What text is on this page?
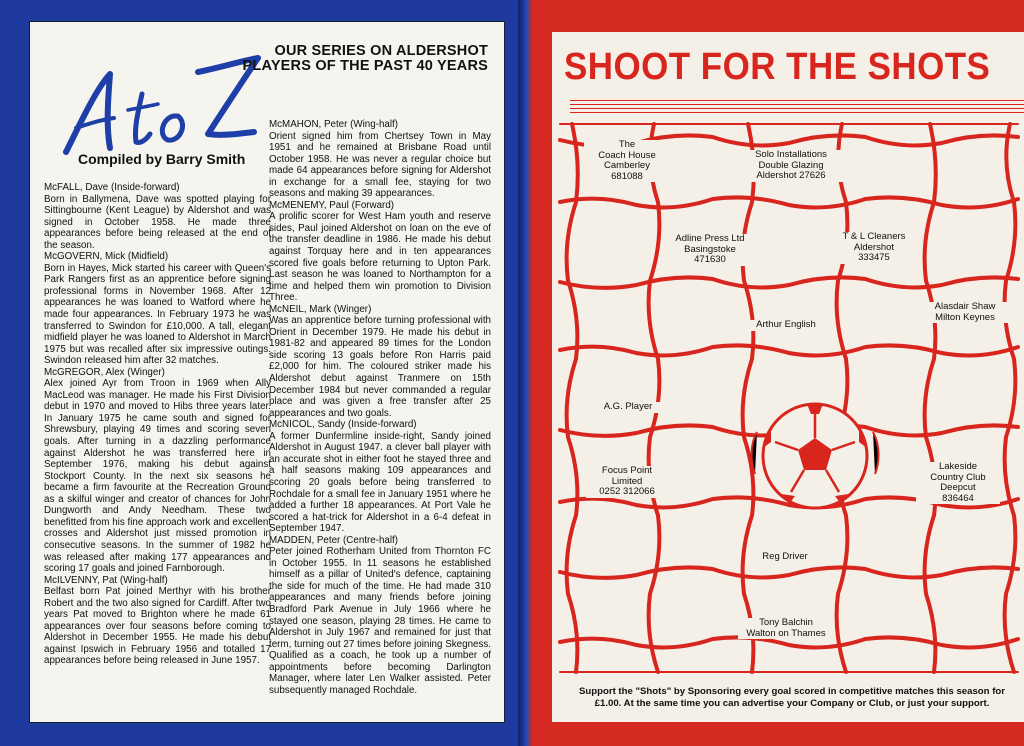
OUR SERIES ON ALDERSHOT PLAYERS OF THE PAST 40 YEARS
Compiled by Barry Smith

McFALL, Dave (Inside-forward)
Born in Ballymena, Dave was spotted playing for Sittingbourne (Kent League) by Aldershot and was signed in October 1958. He made three appearances before being released at the end of the season.

McGOVERN, Mick (Midfield)
Born in Hayes, Mick started his career with Queen's Park Rangers first as an apprentice before signing professional forms in November 1968. After 12 appearances he was loaned to Watford where he made four appearances. In February 1973 he was transferred to Swindon for £10,000. A tall, elegant midfield player he was loaned to Aldershot in March 1975 but was recalled after six impressive outings. Swindon released him after 32 matches.

McGREGOR, Alex (Winger)
Alex joined Ayr from Troon in 1969 when Ally MacLeod was manager. He made his First Division debut in 1970 and moved to Hibs three years later. In January 1975 he came south and signed for Shrewsbury, playing 49 times and scoring seven goals. After turning in a dazzling performance against Aldershot he was transferred here in September 1976, making his debut against Stockport County. In the next six seasons he became a firm favourite at the Recreation Ground as a skilful winger and creator of chances for John Dungworth and Andy Needham. These two benefitted from his fine approach work and excellent crosses and Aldershot just missed promotion in consecutive seasons. In the summer of 1982 he was released after making 177 appearances and scoring 17 goals and joined Farnborough.

McILVENNY, Pat (Wing-half)
Belfast born Pat joined Merthyr with his brother Robert and the two also signed for Cardiff. After two years Pat moved to Brighton where he made 61 appearances over four seasons before coming to Aldershot in December 1955. He made his debut against Ipswich in February 1956 and totalled 17 appearances before being released in June 1957.

McMAHON, Peter (Wing-half)
Orient signed him from Chertsey Town in May 1951 and he remained at Brisbane Road until October 1958. He was never a regular choice but made 64 appearances before signing for Aldershot in exchange for a small fee, staying for two seasons and making 39 appearances.

McMENEMY, Paul (Forward)
A prolific scorer for West Ham youth and reserve sides, Paul joined Aldershot on loan on the eve of the transfer deadline in 1986. He made his debut against Torquay here and in ten appearances scored five goals before returning to Upton Park. Last season he was loaned to Northampton for a time and helped them win promotion to Division Three.

McNEIL, Mark (Winger)
Was an apprentice before turning professional with Orient in December 1979. He made his debut in 1981-82 and appeared 89 times for the London side scoring 13 goals before Ron Harris paid £2,000 for him. The coloured striker made his Aldershot debut against Tranmere on 15th December 1984 but never commanded a regular place and was given a free transfer after 25 appearances and two goals.

McNICOL, Sandy (Inside-forward)
A former Dunfermline inside-right, Sandy joined Aldershot in August 1947. a clever ball player with an accurate shot in either foot he stayed three and a half seasons making 109 appearances and scoring 20 goals before being transferred to Rochdale for a small fee in January 1951 where he added a further 18 appearances. At Port Vale he scored a hat-trick for Aldershot in a 6-4 defeat in September 1947.

MADDEN, Peter (Centre-half)
Peter joined Rotherham United from Thornton FC in October 1955. In 11 seasons he established himself as a pillar of United's defence, captaining the side for much of the time. He had made 310 appearances and many friends before joining Bradford Park Avenue in July 1966 where he stayed one season, playing 28 times. He came to Aldershot in July 1967 and remained for just that term, turning out 27 times before joining Skegness. Qualified as a coach, he took up a number of appointments before becoming Darlington Manager, where later Len Walker assisted. Peter subsequently managed Rochdale.

SHOOT FOR THE SHOTS
The
Coach House
Camberley
681088
Solo Installations
Double Glazing
Aldershot 27626
Adline Press Ltd
Basingstoke
471630
T & L Cleaners
Aldershot
333475
Alasdair Shaw
Milton Keynes
Arthur English
A.G. Player
Focus Point
Limited
0252 312066
Lakeside
Country Club
Deepcut
836464
Reg Driver
Tony Balchin
Walton on Thames
Support the "Shots" by Sponsoring every goal scored in competitive matches this season for £1.00. At the same time you can advertise your Company or Club, or just your support.
